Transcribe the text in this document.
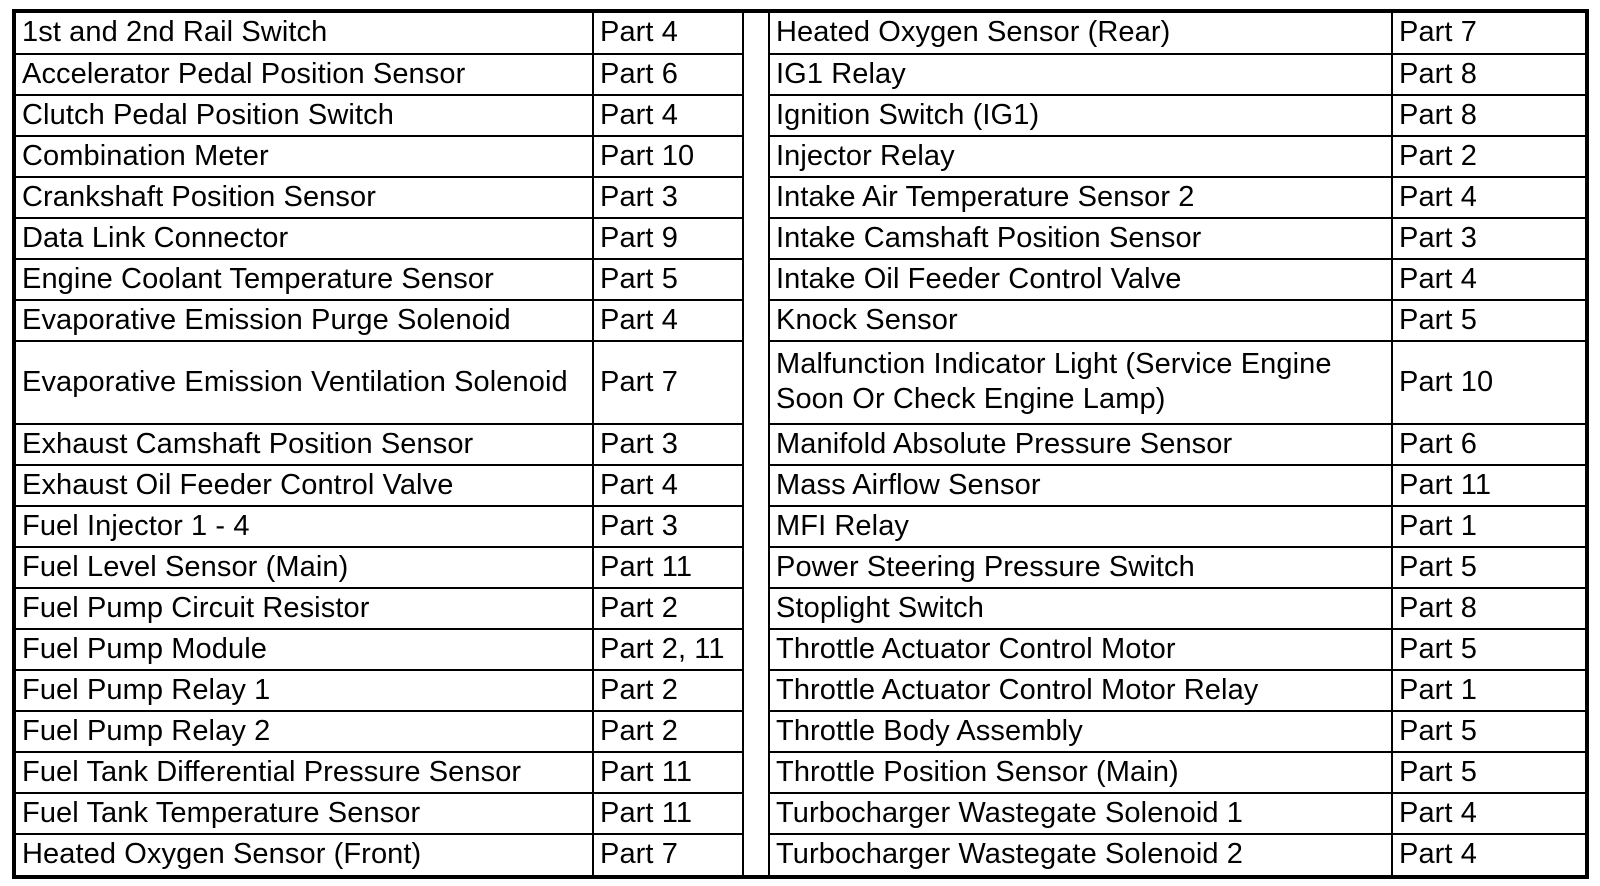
1st and 2nd Rail Switch	Part 4		Heated Oxygen Sensor (Rear)	Part 7
Accelerator Pedal Position Sensor	Part 6		IG1 Relay	Part 8
Clutch Pedal Position Switch	Part 4		Ignition Switch (IG1)	Part 8
Combination Meter	Part 10		Injector Relay	Part 2
Crankshaft Position Sensor	Part 3		Intake Air Temperature Sensor 2	Part 4
Data Link Connector	Part 9		Intake Camshaft Position Sensor	Part 3
Engine Coolant Temperature Sensor	Part 5		Intake Oil Feeder Control Valve	Part 4
Evaporative Emission Purge Solenoid	Part 4		Knock Sensor	Part 5
Evaporative Emission Ventilation Solenoid	Part 7		Malfunction Indicator Light (Service Engine Soon Or Check Engine Lamp)	Part 10
Exhaust Camshaft Position Sensor	Part 3		Manifold Absolute Pressure Sensor	Part 6
Exhaust Oil Feeder Control Valve	Part 4		Mass Airflow Sensor	Part 11
Fuel Injector 1 - 4	Part 3		MFI Relay	Part 1
Fuel Level Sensor (Main)	Part 11		Power Steering Pressure Switch	Part 5
Fuel Pump Circuit Resistor	Part 2		Stoplight Switch	Part 8
Fuel Pump Module	Part 2, 11		Throttle Actuator Control Motor	Part 5
Fuel Pump Relay 1	Part 2		Throttle Actuator Control Motor Relay	Part 1
Fuel Pump Relay 2	Part 2		Throttle Body Assembly	Part 5
Fuel Tank Differential Pressure Sensor	Part 11		Throttle Position Sensor (Main)	Part 5
Fuel Tank Temperature Sensor	Part 11		Turbocharger Wastegate Solenoid 1	Part 4
Heated Oxygen Sensor (Front)	Part 7		Turbocharger Wastegate Solenoid 2	Part 4
